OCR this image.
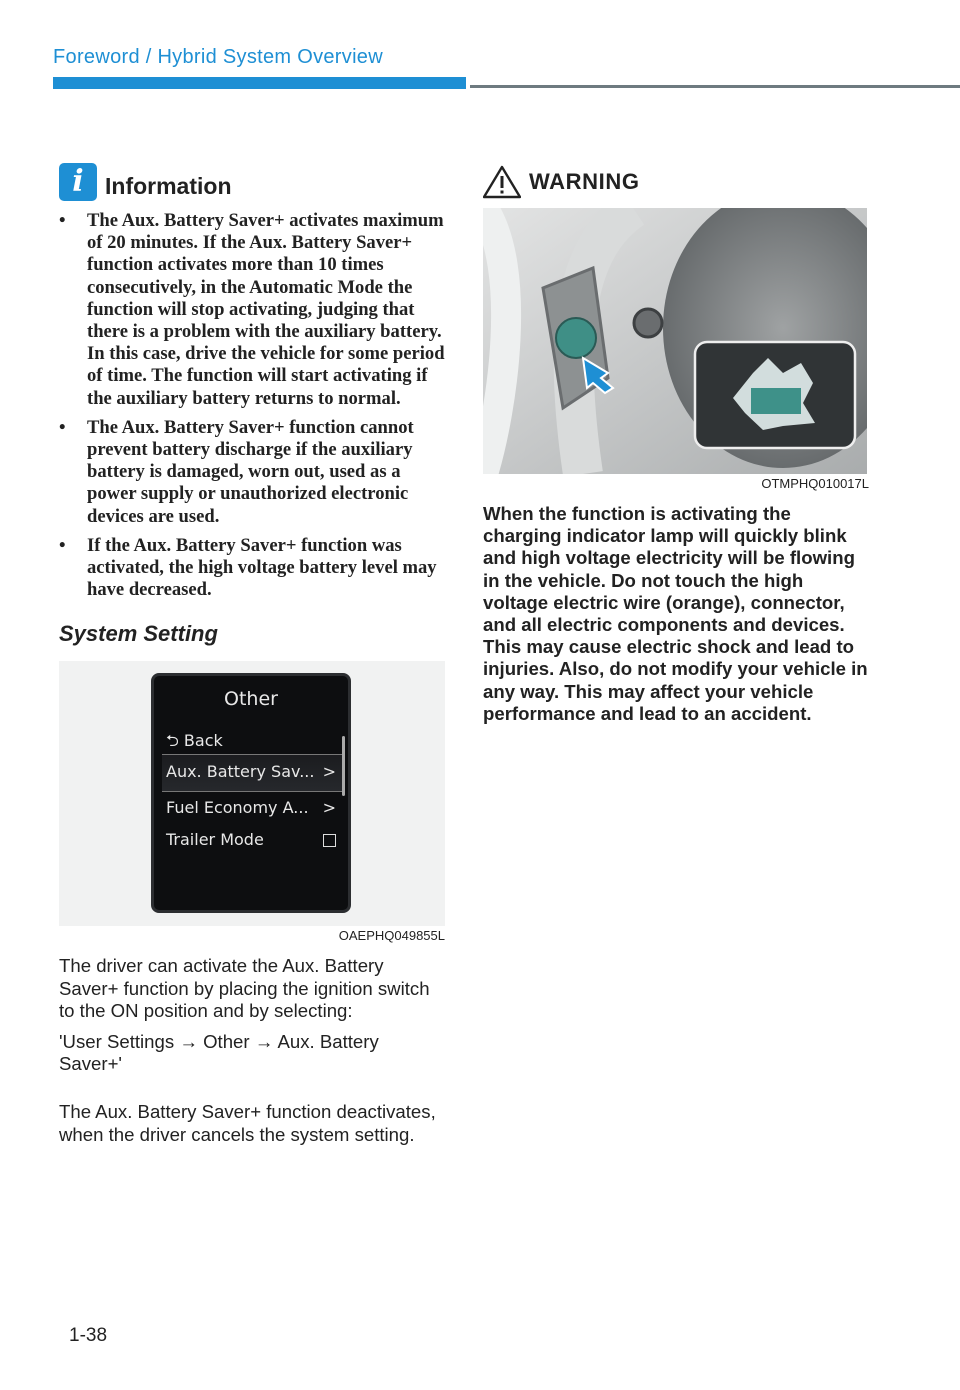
Foreword / Hybrid System Overview
i Information
• The Aux. Battery Saver+ activates maximum of 20 minutes. If the Aux. Battery Saver+ function activates more than 10 times consecutively, in the Automatic Mode the function will stop activating, judging that there is a problem with the auxiliary battery. In this case, drive the vehicle for some period of time. The function will start activating if the auxiliary battery returns to normal.
• The Aux. Battery Saver+ function cannot prevent battery discharge if the auxiliary battery is damaged, worn out, used as a power supply or unauthorized electronic devices are used.
• If the Aux. Battery Saver+ function was activated, the high voltage battery level may have decreased.
System Setting
Other
⮌ Back
Aux. Battery Sav... >
Fuel Economy A... >
Trailer Mode
OAEPHQ049855L

The driver can activate the Aux. Battery Saver+ function by placing the ignition switch to the ON position and by selecting:

'User Settings → Other → Aux. Battery Saver+'

The Aux. Battery Saver+ function deactivates, when the driver cancels the system setting.

WARNING
OTMPHQ010017L
When the function is activating the charging indicator lamp will quickly blink and high voltage electricity will be flowing in the vehicle. Do not touch the high voltage electric wire (orange), connector, and all electric components and devices. This may cause electric shock and lead to injuries. Also, do not modify your vehicle in any way. This may affect your vehicle performance and lead to an accident.
1-38
